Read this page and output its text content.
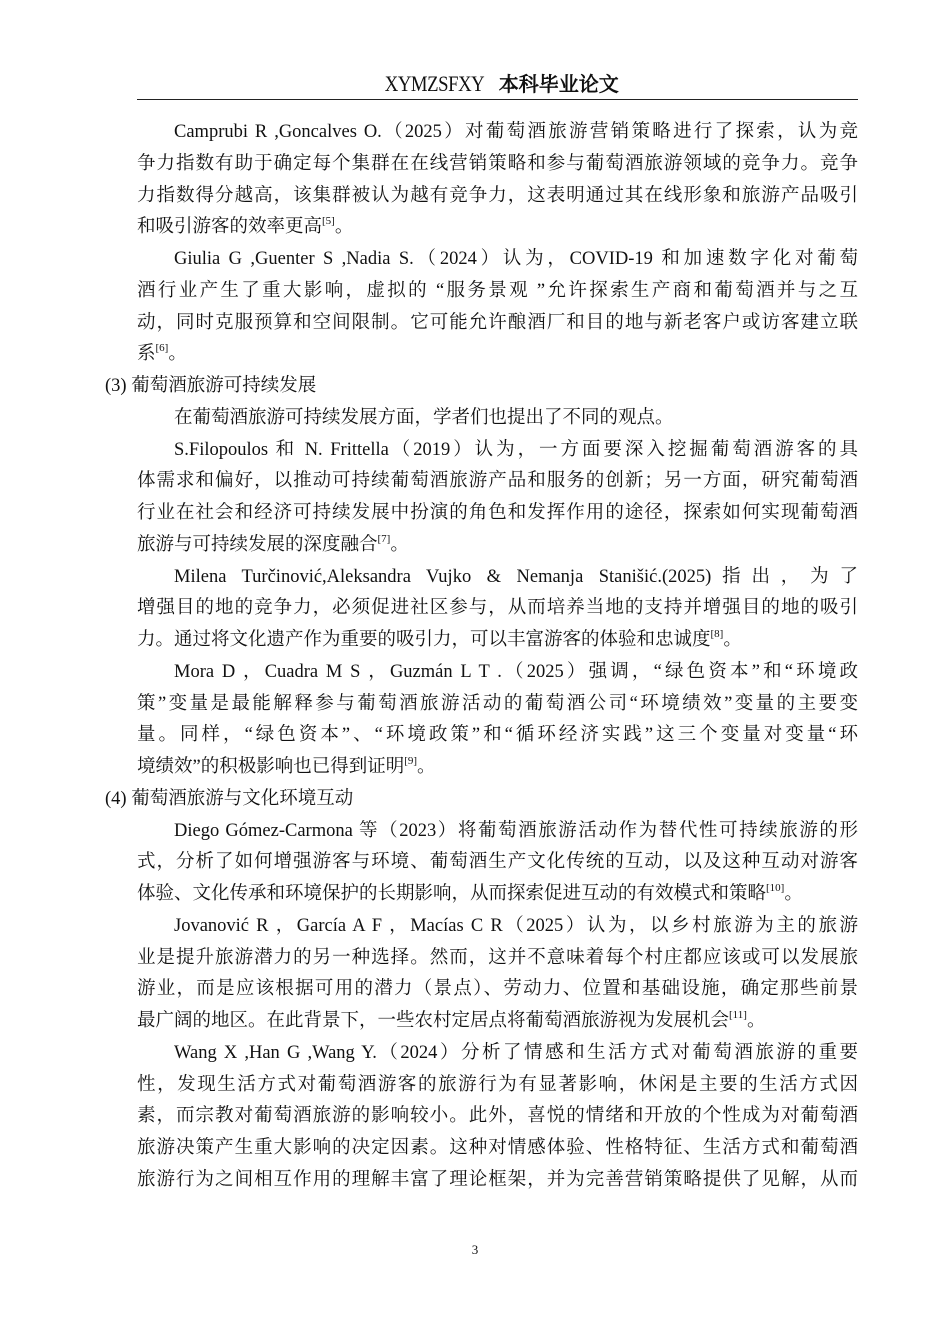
XYMZSFXY 本科毕业论文
Camprubi R ,Goncalves O.（2025）对葡萄酒旅游营销策略进行了探索，认为竞
争力指数有助于确定每个集群在在线营销策略和参与葡萄酒旅游领域的竞争力。竞争
力指数得分越高，该集群被认为越有竞争力，这表明通过其在线形象和旅游产品吸引
和吸引游客的效率更高[5]。
Giulia G ,Guenter S ,Nadia S.（2024）认为，COVID-19 和加速数字化对葡萄
酒行业产生了重大影响，虚拟的 “服务景观 ”允许探索生产商和葡萄酒并与之互
动，同时克服预算和空间限制。它可能允许酿酒厂和目的地与新老客户或访客建立联
系[6]。
(3) 葡萄酒旅游可持续发展
在葡萄酒旅游可持续发展方面，学者们也提出了不同的观点。
S.Filopoulos 和 N. Frittella（2019）认为，一方面要深入挖掘葡萄酒游客的具
体需求和偏好，以推动可持续葡萄酒旅游产品和服务的创新；另一方面，研究葡萄酒
行业在社会和经济可持续发展中扮演的角色和发挥作用的途径，探索如何实现葡萄酒
旅游与可持续发展的深度融合[7]。
Milena Turčinović,Aleksandra Vujko & Nemanja Stanišić.(2025)指出，为了
增强目的地的竞争力，必须促进社区参与，从而培养当地的支持并增强目的地的吸引
力。通过将文化遗产作为重要的吸引力，可以丰富游客的体验和忠诚度[8]。
Mora D ，Cuadra M S ，Guzmán L T .（2025）强调，“绿色资本”和“环境政
策”变量是最能解释参与葡萄酒旅游活动的葡萄酒公司“环境绩效”变量的主要变
量。同样，“绿色资本”、“环境政策”和“循环经济实践”这三个变量对变量“环
境绩效”的积极影响也已得到证明[9]。
(4) 葡萄酒旅游与文化环境互动
Diego Gómez-Carmona 等（2023）将葡萄酒旅游活动作为替代性可持续旅游的形
式，分析了如何增强游客与环境、葡萄酒生产文化传统的互动，以及这种互动对游客
体验、文化传承和环境保护的长期影响，从而探索促进互动的有效模式和策略[10]。
Jovanović R ，García A F ，Macías C R（2025）认为，以乡村旅游为主的旅游
业是提升旅游潜力的另一种选择。然而，这并不意味着每个村庄都应该或可以发展旅
游业，而是应该根据可用的潜力（景点）、劳动力、位置和基础设施，确定那些前景
最广阔的地区。在此背景下，一些农村定居点将葡萄酒旅游视为发展机会[11]。
Wang X ,Han G ,Wang Y.（2024）分析了情感和生活方式对葡萄酒旅游的重要
性，发现生活方式对葡萄酒游客的旅游行为有显著影响，休闲是主要的生活方式因
素，而宗教对葡萄酒旅游的影响较小。此外，喜悦的情绪和开放的个性成为对葡萄酒
旅游决策产生重大影响的决定因素。这种对情感体验、性格特征、生活方式和葡萄酒
旅游行为之间相互作用的理解丰富了理论框架，并为完善营销策略提供了见解，从而
3
